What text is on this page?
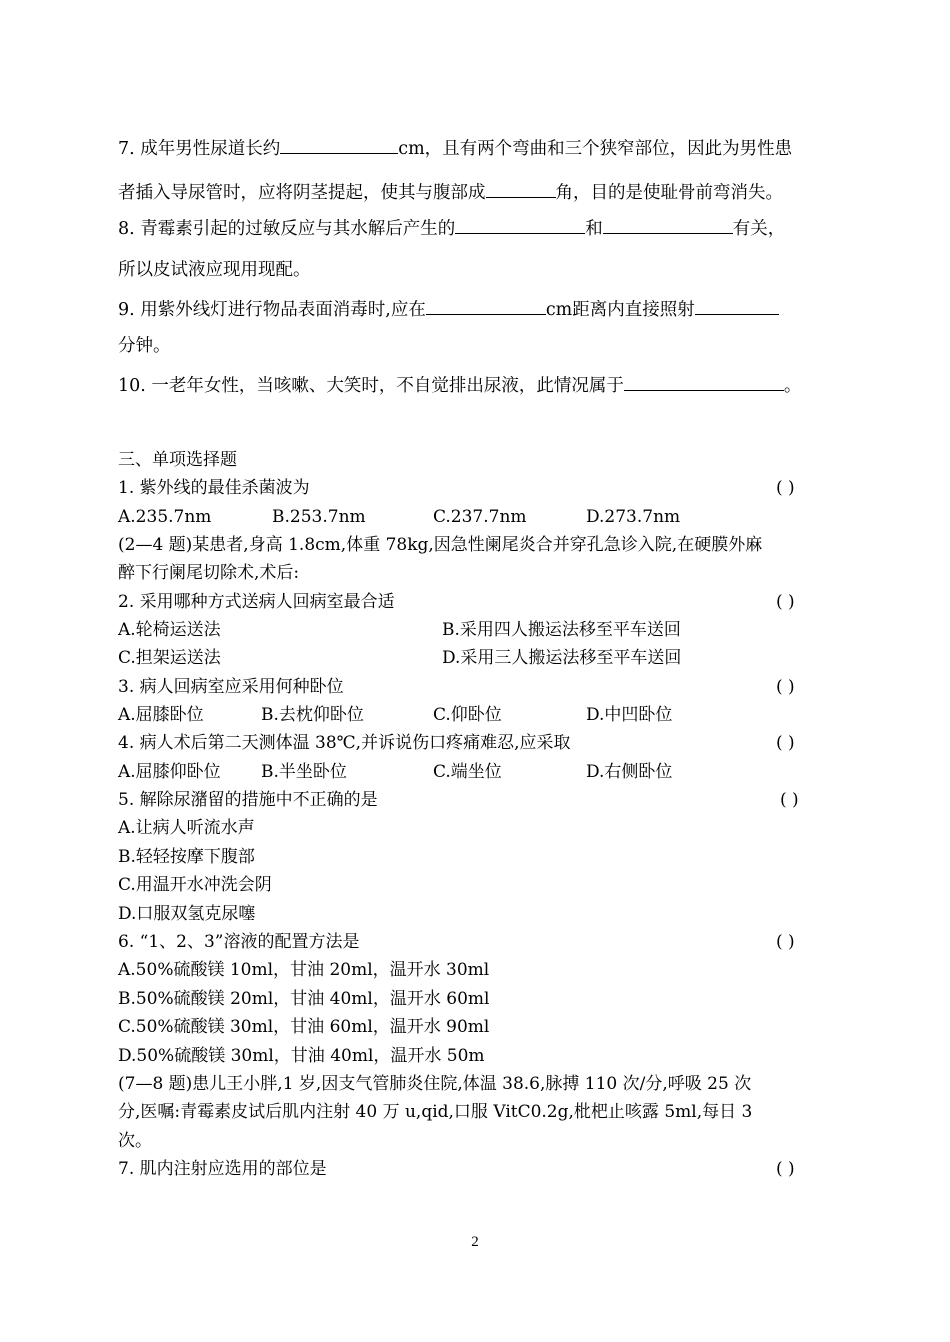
7. 成年男性尿道长约	cm，且有两个弯曲和三个狭窄部位，因此为男性患
者插入导尿管时，应将阴茎提起，使其与腹部成	角，目的是使耻骨前弯消失。
8. 青霉素引起的过敏反应与其水解后产生的	和	有关，
所以皮试液应现用现配。
9. 用紫外线灯进行物品表面消毒时,应在	cm距离内直接照射
分钟。
10. 一老年女性，当咳嗽、大笑时，不自觉排出尿液，此情况属于	。
三、单项选择题
1. 紫外线的最佳杀菌波为	( )
A.235.7nm	B.253.7nm	C.237.7nm	D.273.7nm
(2—4 题)某患者,身高 1.8cm,体重 78kg,因急性阑尾炎合并穿孔急诊入院,在硬膜外麻
醉下行阑尾切除术,术后:
2. 采用哪种方式送病人回病室最合适	( )
A.轮椅运送法	B.采用四人搬运法移至平车送回
C.担架运送法	D.采用三人搬运法移至平车送回
3. 病人回病室应采用何种卧位	( )
A.屈膝卧位	B.去枕仰卧位	C.仰卧位	D.中凹卧位
4. 病人术后第二天测体温 38℃,并诉说伤口疼痛难忍,应采取	( )
A.屈膝仰卧位 B.半坐卧位	C.端坐位	D.右侧卧位
5. 解除尿潴留的措施中不正确的是	( )
A.让病人听流水声
B.轻轻按摩下腹部
C.用温开水冲洗会阴
D.口服双氢克尿噻
6. “1、2、3”溶液的配置方法是	( )
A.50%硫酸镁 10ml，甘油 20ml，温开水 30ml
B.50%硫酸镁 20ml，甘油 40ml，温开水 60ml
C.50%硫酸镁 30ml，甘油 60ml，温开水 90ml
D.50%硫酸镁 30ml，甘油 40ml，温开水 50m
(7—8 题)患儿王小胖,1 岁,因支气管肺炎住院,体温 38.6,脉搏 110 次/分,呼吸 25 次
分,医嘱:青霉素皮试后肌内注射 40 万 u,qid,口服 VitC0.2g,枇杷止咳露 5ml,每日 3
次。
7. 肌内注射应选用的部位是	( )
2
